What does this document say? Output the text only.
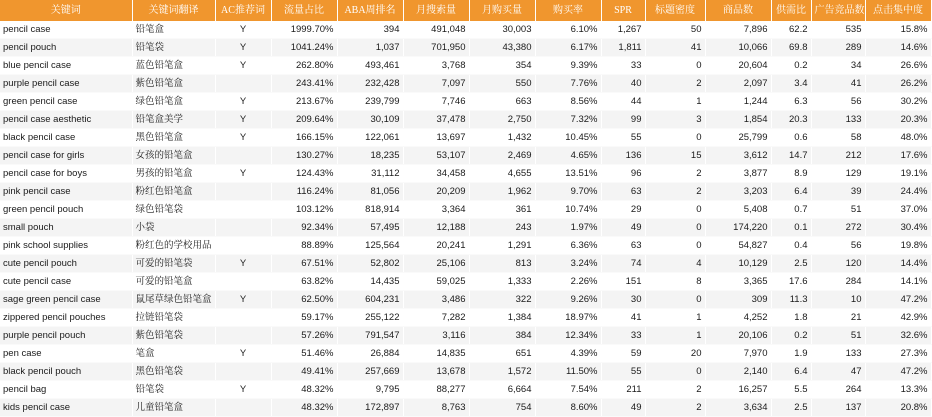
关键词	关键词翻译	AC推荐词	流量占比	ABA周排名	月搜索量	月购买量	购买率	SPR	标题密度	商品数	供需比	广告竞品数	点击集中度
pencil case	铅笔盒	Y	1999.70%	394	491,048	30,003	6.10%	1,267	50	7,896	62.2	535	15.8%
pencil pouch	铅笔袋	Y	1041.24%	1,037	701,950	43,380	6.17%	1,811	41	10,066	69.8	289	14.6%
blue pencil case	蓝色铅笔盒	Y	262.80%	493,461	3,768	354	9.39%	33	0	20,604	0.2	34	26.6%
purple pencil case	紫色铅笔盒		243.41%	232,428	7,097	550	7.76%	40	2	2,097	3.4	41	26.2%
green pencil case	绿色铅笔盒	Y	213.67%	239,799	7,746	663	8.56%	44	1	1,244	6.3	56	30.2%
pencil case aesthetic	铅笔盒美学	Y	209.64%	30,109	37,478	2,750	7.32%	99	3	1,854	20.3	133	20.3%
black pencil case	黑色铅笔盒	Y	166.15%	122,061	13,697	1,432	10.45%	55	0	25,799	0.6	58	48.0%
pencil case for girls	女孩的铅笔盒		130.27%	18,235	53,107	2,469	4.65%	136	15	3,612	14.7	212	17.6%
pencil case for boys	男孩的铅笔盒	Y	124.43%	31,112	34,458	4,655	13.51%	96	2	3,877	8.9	129	19.1%
pink pencil case	粉红色铅笔盒		116.24%	81,056	20,209	1,962	9.70%	63	2	3,203	6.4	39	24.4%
green pencil pouch	绿色铅笔袋		103.12%	818,914	3,364	361	10.74%	29	0	5,408	0.7	51	37.0%
small pouch	小袋		92.34%	57,495	12,188	243	1.97%	49	0	174,220	0.1	272	30.4%
pink school supplies	粉红色的学校用品		88.89%	125,564	20,241	1,291	6.36%	63	0	54,827	0.4	56	19.8%
cute pencil pouch	可爱的铅笔袋	Y	67.51%	52,802	25,106	813	3.24%	74	4	10,129	2.5	120	14.4%
cute pencil case	可爱的铅笔盒		63.82%	14,435	59,025	1,333	2.26%	151	8	3,365	17.6	284	14.1%
sage green pencil case	鼠尾草绿色铅笔盒	Y	62.50%	604,231	3,486	322	9.26%	30	0	309	11.3	10	47.2%
zippered pencil pouches	拉链铅笔袋		59.17%	255,122	7,282	1,384	18.97%	41	1	4,252	1.8	21	42.9%
purple pencil pouch	紫色铅笔袋		57.26%	791,547	3,116	384	12.34%	33	1	20,106	0.2	51	32.6%
pen case	笔盒	Y	51.46%	26,884	14,835	651	4.39%	59	20	7,970	1.9	133	27.3%
black pencil pouch	黑色铅笔袋		49.41%	257,669	13,678	1,572	11.50%	55	0	2,140	6.4	47	47.2%
pencil bag	铅笔袋	Y	48.32%	9,795	88,277	6,664	7.54%	211	2	16,257	5.5	264	13.3%
kids pencil case	儿童铅笔盒		48.32%	172,897	8,763	754	8.60%	49	2	3,634	2.5	137	20.8%
